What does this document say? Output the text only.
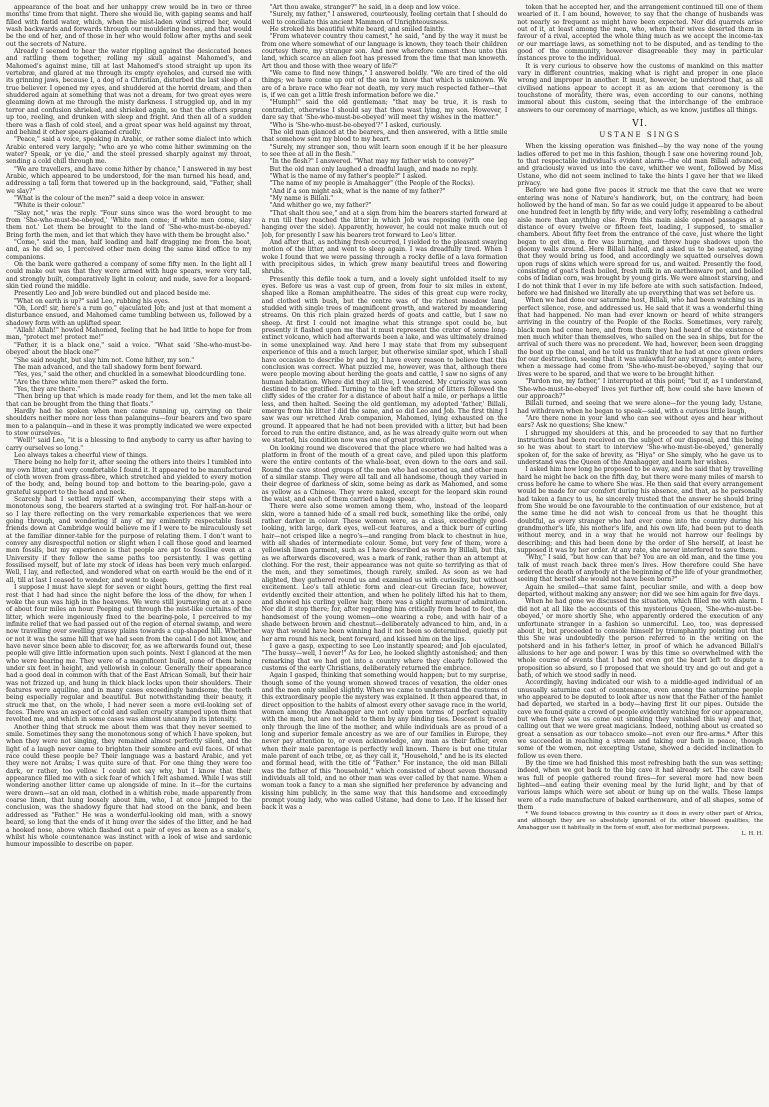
appearance of the boat and her unhappy crew would be in two or three months' time from that night. There she would lie, with gaping seams and half filled with fœtid water, which, when the mist-laden wind stirred her, would wash backwards and forwards through our mouldering bones, and that would be the end of her, and of those in her who would follow after myths and seek out the secrets of Nature.

Already I seemed to hear the water rippling against the desiccated bones and rattling them together, rolling my skull against Mahomed's, and Mahomed's against mine, till at last Mahomed's stood straight up upon its vertebræ, and glared at me through its empty eyeholes, and cursed me with its grinning jaws, because I, a dog of a Christian, disturbed the last sleep of a true believer. I opened my eyes, and shuddered at the horrid dream, and then shuddered again at something that was not a dream, for two great eyes were gleaming down at me through the misty darkness. I struggled up, and in my terror and confusion shrieked, and shrieked again, so that the others sprang up too, reeling, and drunken with sleep and fright. And then all of a sudden there was a flash of cold steel, and a great spear was held against my throat, and behind it other spears gleamed cruelly.

"Peace," said a voice, speaking in Arabic, or rather some dialect into which Arabic entered very largely; "who are ye who come hither swimming on the water? Speak, or ye die," and the steel pressed sharply against my throat, sending a cold chill through me.

"We are travellers, and have come hither by chance," I answered in my best Arabic, which appeared to be understood, for the man turned his head, and, addressing a tall form that towered up in the background, said, "Father, shall we slay?"

"What is the colour of the men?" said a deep voice in answer.

"White is their colour."

"Slay not," was the reply. "Four suns since was the word brought to me from 'She-who-must-be-obeyed,' 'White men come; if white men come, slay them not.' Let them be brought to the land of 'She-who-must-be-obeyed.' Bring forth the men, and let that which they have with them be brought also."

"Come," said the man, half leading and half dragging me from the boat, and, as he did so, I perceived other men doing the same kind office to my companions.

On the bank were gathered a company of some fifty men. In the light all I could make out was that they were armed with huge spears, were very tall, and strongly built, comparatively light in colour, and nude, save for a leopard-skin tied round the middle.

Presently Leo and Job were bundled out and placed beside me.

"What on earth is up?" said Leo, rubbing his eyes.

"Oh, Lord! sir, here's a rum go," ejaculated Job; and just at that moment a disturbance ensued, and Mahomed came tumbling between us, followed by a shadowy form with an uplifted spear.

"Allah! Allah!" howled Mahomed, feeling that he had little to hope for from man, "protect me! protect me!"

"Father, it is a black one," said a voice. "What said 'She-who-must-be-obeyed' about the black one?"

"She said nought, but slay him not. Come hither, my son."

The man advanced, and the tall shadowy form bent forward.

"Yes, yes," said the other, and chuckled in a somewhat bloodcurdling tone.

"Are the three white men there?" asked the form.

"Yes, they are there."

"Then bring up that which is made ready for them, and let the men take all that can be brought from the thing that floats."

Hardly had he spoken when men came running up, carrying on their shoulders neither more nor less than palanquins—four bearers and two spare men to a palanquin—and in these it was promptly indicated we were expected to stow ourselves.

"Well!" said Leo, "it is a blessing to find anybody to carry us after having to carry ourselves so long."

Leo always takes a cheerful view of things.

There being no help for it, after seeing the others into theirs I tumbled into my own litter, and very comfortable I found it. It appeared to be manufactured of cloth woven from grass-fibre, which stretched and yielded to every motion of the body, and, being bound top and bottom to the bearing-pole, gave a grateful support to the head and neck.

Scarcely had I settled myself when, accompanying their steps with a monotonous song, the bearers started at a swinging trot. For half-an-hour or so I lay there reflecting on the very remarkable experiences that we were going through, and wondering if any of my eminently respectable fossil friends down at Cambridge would believe me if I were to be miraculously set at the familiar dinner-table for the purpose of relating them. I don't want to convey any disrespectful notion or slight when I call those good and learned men fossils, but my experience is that people are apt to fossilise even at a University if they follow the same paths too persistently. I was getting fossilised myself, but of late my stock of ideas has been very much enlarged. Well, I lay, and reflected, and wondered what on earth would be the end of it all, till at last I ceased to wonder, and went to sleep.

I suppose I must have slept for seven or eight hours, getting the first real rest that I had had since the night before the loss of the dhow, for when I woke the sun was high in the heavens. We were still journeying on at a pace of about four miles an hour. Peeping out through the mist-like curtains of the litter, which were ingeniously fixed to the bearing-pole, I perceived to my infinite relief that we had passed out of the region of eternal swamp, and were now travelling over swelling grassy plains towards a cup-shaped hill. Whether or not it was the same hill that we had seen from the canal I do not know, and have never since been able to discover, for, as we afterwards found out, these people will give little information upon such points. Next I glanced at the men who were bearing me. They were of a magnificent build, none of them being under six feet in height, and yellowish in colour. Generally their appearance had a good deal in common with that of the East African Somali, but their hair was not frizzed up, and hung in thick black locks upon their shoulders. Their features were aquiline, and in many cases exceedingly handsome, the teeth being especially regular and beautiful. But notwithstanding their beauty, it struck me that, on the whole, I had never seen a more evil-looking set of faces. There was an aspect of cold and sullen cruelty stamped upon them that revolted me, and which in some cases was almost uncanny in its intensity.

Another thing that struck me about them was that they never seemed to smile. Sometimes they sang the monotonous song of which I have spoken, but when they were not singing, they remained almost perfectly silent, and the light of a laugh never came to brighten their sombre and evil faces. Of what race could these people be? Their language was a bastard Arabic, and yet they were not Arabs; I was quite sure of that. For one thing they were too dark, or rather, too yellow. I could not say why, but I know that their appearance filled me with a sick fear of which I felt ashamed. While I was still wondering another litter came up alongside of mine. In it—for the curtains were drawn—sat an old man, clothed in a whitish robe, made apparently from coarse linen, that hung loosely about him, who, I at once jumped to the conclusion, was the shadowy figure that had stood on the bank, and been addressed as "Father." He was a wonderful-looking old man, with a snowy beard, so long that the ends of it hung over the sides of the litter, and he had a hooked nose, above which flashed out a pair of eyes as keen as a snake's, whilst his whole countenance was instinct with a look of wise and sardonic humour impossible to describe on paper.

"Art thou awake, stranger?" he said, in a deep and low voice.

"Surely, my father," I answered, courteously, feeling certain that I should do well to conciliate this ancient Mammon of Unrighteousness.

He stroked his beautiful white beard, and smiled faintly.

"From whatever country thou camest," he said, "and by the way it must be from one where somewhat of our language is known, they teach their children courtesy there, my stranger son. And now wherefore camest thou unto this land, which scarce an alien foot has pressed from the time that man knoweth. Art thou and those with thee weary of life?"

"We came to find new things," I answered boldly. "We are tired of the old things; we have come up out of the sea to know that which is unknown. We are of a brave race who fear not death, my very much respected father—that is, if we can get a little fresh information before we die."

"Humph!" said the old gentleman; "that may be true, it is rash to contradict, otherwise I should say that thou wast lying, my son. However, I dare say that 'She-who-must-be-obeyed' will meet thy wishes in the matter."

"Who is 'She-who-must-be-obeyed'?" I asked, curiously.

The old man glanced at the bearers, and then answered, with a little smile that somehow sent my blood to my heart.

"Surely, my stranger son, thou wilt learn soon enough if it be her pleasure to see thee at all in the flesh."

"In the flesh?" I answered. "What may my father wish to convey?"

But the old man only laughed a dreadful laugh, and made no reply.

"What is the name of my father's people?" I asked.

"The name of my people is Amahagger" (the People of the Rocks).

"And if a son might ask, what is the name of my father?"

"My name is Billali."

"And whither go we, my father?"

"That shalt thou see," and at a sign from him the bearers started forward at a run till they reached the litter in which Job was reposing (with one leg hanging over the side). Apparently, however, he could not make much out of Job, for presently I saw his bearers trot forward to Leo's litter.

And after that, as nothing fresh occurred, I yielded to the pleasant swaying motion of the litter, and went to sleep again. I was dreadfully tired. When I woke I found that we were passing through a rocky defile of a lava formation with precipitous sides, in which grew many beautiful trees and flowering shrubs.

Presently this defile took a turn, and a lovely sight unfolded itself to my eyes. Before us was a vast cup of green, from four to six miles in extent, shaped like a Roman amphitheatre. The sides of this great cup were rocky, and clothed with bush, but the centre was of the richest meadow land, studded with single trees of magnificent growth, and watered by meandering streams. On this rich plain grazed herds of goats and cattle, but I saw no sheep. At first I could not imagine what this strange spot could be, but presently it flashed upon me that it must represent the crater of some long-extinct volcano, which had afterwards been a lake, and was ultimately drained in some unexplained way. And here I may state that from my subsequent experience of this and a much larger, but otherwise similar spot, which I shall have occasion to describe by and by, I have every reason to believe that this conclusion was correct. What puzzled me, however, was that, although there were people moving about herding the goats and cattle, I saw no signs of any human habitation. Where did they all live, I wondered. My curiosity was soon destined to be gratified. Turning to the left the string of litters followed the cliffy sides of the crater for a distance of about half a mile, or perhaps a little less, and then halted. Seeing the old gentleman, my adopted 'father,' Billali, emerge from his litter I did the same, and so did Leo and Job. The first thing I saw was our wretched Arab companion, Mahomed, lying exhausted on the ground. It appeared that he had not been provided with a litter, but had been forced to run the entire distance, and, as he was already quite worn out when we started, his condition now was one of great prostration.

On looking round we discovered that the place where we had halted was a platform in front of the mouth of a great cave, and piled upon this platform were the entire contents of the whale-boat, even down to the oars and sail. Round the cave stood groups of the men who had escorted us, and other men of a similar stamp. They were all tall and all handsome, though they varied in their degree of darkness of skin, some being as dark as Mahomed, and some as yellow as a Chinese. They were naked, except for the leopard skin round the waist, and each of them carried a huge spear.

There were also some women among them, who, instead of the leopard skin, wore a tanned hide of a small red buck, something like the oribé, only rather darker in colour. These women were, as a class, exceedingly good-looking, with large, dark eyes, well-cut features, and a thick burr of curling hair—not crisped like a negro's—and ranging from black to chestnut in hue, with all shades of intermediate colour. Some, but very few of them, wore a yellowish linen garment, such as I have described as worn by Billali, but this, as we afterwards discovered, was a mark of rank, rather than an attempt at clothing. For the rest, their appearance was not quite so terrifying as that of the men, and they sometimes, though rarely, smiled. As soon as we had alighted, they gathered round us and examined us with curiosity, but without excitement. Leo's tall athletic form and clear-cut Grecian face, however, evidently excited their attention, and when he politely lifted his hat to them, and showed his curling yellow hair, there was a slight murmur of admiration. Nor did it stop there; for, after regarding him critically from head to foot, the handsomest of the young women—one wearing a robe, and with hair of a shade between brown and chestnut—deliberately advanced to him, and, in a way that would have been winning had it not been so determined, quietly put her arm round his neck, bent forward, and kissed him on the lips.

I gave a gasp, expecting to see Leo instantly speared; and Job ejaculated, "The hussy—well, I never!" As for Leo, he looked slightly astonished; and then remarking that we had got into a country where they clearly followed the customs of the early Christians, deliberately returned the embrace.

Again I gasped, thinking that something would happen; but to my surprise, though some of the young women showed traces of vexation, the older ones and the men only smiled slightly. When we came to understand the customs of this extraordinary people the mystery was explained. It then appeared that, in direct opposition to the habits of almost every other savage race in the world, women among the Amahagger are not only upon terms of perfect equality with the men, but are not held to them by any binding ties. Descent is traced only through the line of the mother, and while individuals are as proud of a long and superior female ancestry as we are of our families in Europe, they never pay attention to, or even acknowledge, any man as their father, even when their male parentage is perfectly well known. There is but one titular male parent of each tribe, or, as they call it, "Household," and he is its elected and formal head, with the title of "Father." For instance, the old man Billali was the father of this "household," which consisted of about seven thousand individuals all told, and no other man was ever called by that name. When a woman took a fancy to a man she signified her preference by advancing and kissing him publicly, in the same way that this handsome and exceedingly prompt young lady, who was called Ustane, had done to Leo. If he kissed her back it was a

token that he accepted her, and the arrangement continued till one of them wearied of it. I am bound, however, to say that the change of husbands was not nearly so frequent as might have been expected. Nor did quarrels arise out of it, at least among the men, who, when their wives deserted them in favour of a rival, accepted the whole thing much as we accept the income-tax or our marriage laws, as something not to be disputed, and as tending to the good of the community, however disagreeable they may in particular instances prove to the individual.

It is very curious to observe how the customs of mankind on this matter vary in different countries, making what is right and proper in one place wrong and improper in another. It must, however, be understood that, as all civilised nations appear to accept it as an axiom that ceremony is the touchstone of morality, there was, even according to our canons, nothing immoral about this custom, seeing that the interchange of the embrace answers to our ceremony of marriage, which, as we know, justifies all things.

VI.
USTANE SINGS

When the kissing operation was finished—by the way none of the young ladies offered to pet me in this fashion, though I saw one hovering round Job, to that respectable individual's evident alarm—the old man Billali advanced, and graciously waved us into the cave, whither we went, followed by Miss Ustane, who did not seem inclined to take the hints I gave her that we liked privacy.

Before we had gone five paces it struck me that the cave that we were entering was none of Nature's handiwork, but, on the contrary, had been hollowed by the hand of man. So far as we could judge it appeared to be about one hundred feet in length by fifty wide, and very lofty, resembling a cathedral aisle more than anything else. From this main aisle opened passages at a distance of every twelve or fifteen feet, leading, I supposed, to smaller chambers. About fifty feet from the entrance of the cave, just where the light began to get dim, a fire was burning, and threw huge shadows upon the gloomy walls around. Here Billali halted, and asked us to be seated, saying that they would bring us food, and accordingly we squatted ourselves down upon rugs of skins which were spread for us, and waited. Presently the food, consisting of goat's flesh boiled, fresh milk in an earthenware pot, and boiled cobs of Indian corn, was brought by young girls. We were almost starving, and I do not think that I ever in my life before ate with such satisfaction. Indeed, before we had finished we literally ate up everything that was set before us.

When we had done our saturnine host, Billali, who had been watching us in perfect silence, rose, and addressed us. He said that it was a wonderful thing that had happened. No man had ever known or heard of white strangers arriving in the country of the People of the Rocks. Sometimes, very rarely, black men had come here, and from them they had heard of the existence of men much whiter than themselves, who sailed on the sea in ships, but for the arrival of such there was no precedent. We had, however, been seen dragging the boat up the canal, and he told us frankly that he had at once given orders for our destruction, seeing that it was unlawful for any stranger to enter here, when a message had come from 'She-who-must-be-obeyed,' saying that our lives were to be spared, and that we were to be brought hither.

"Pardon me, my father," I interrupted at this point; "but if, as I understand, 'She-who-must-be-obeyed' lives yet further off, how could she have known of our approach?"

Billali turned, and seeing that we were alone—for the young lady, Ustane, had withdrawn when he began to speak—said, with a curious little laugh,

"Are there none in your land who can see without eyes and hear without ears? Ask no questions; She knew."

I shrugged my shoulders at this, and he proceeded to say that no further instructions had been received on the subject of our disposal, and this being so he was about to start to interview 'She-who-must-be-obeyed,' generally spoken of, for the sake of brevity, as "Hiya" or She simply, who he gave us to understand was the Queen of the Amahagger, and learn her wishes.

I asked him how long he proposed to be away, and he said that by travelling hard he might be back on the fifth day, but there were many miles of marsh to cross before he came to where She was. He then said that every arrangement would be made for our comfort during his absence, and that, as he personally had taken a fancy to us, he sincerely trusted that the answer he should bring from She would be one favourable to the continuation of our existence, but at the same time he did not wish to conceal from us that he thought this doubtful, as every stranger who had ever come into the country during his grandmother's life, his mother's life, and his own life, had been put to death without mercy, and in a way that he would not harrow our feelings by describing; and this had been done by the order of She herself, at least he supposed it was by her order. At any rate, she never interfered to save them.

"Why," I said, "but how can that be? You are an old man, and the time you talk of must reach back three men's lives. How therefore could She have ordered the death of anybody at the beginning of the life of your grandmother, seeing that herself she would not have been born?"

Again he smiled—that same faint, peculiar smile, and with a deep bow departed, without making any answer; nor did we see him again for five days.

When he had gone we discussed the situation, which filled me with alarm. I did not at all like the accounts of this mysterious Queen, 'She-who-must-be-obeyed,' or more shortly She, who apparently ordered the execution of any unfortunate stranger in a fashion so unmerciful. Leo, too, was depressed about it, but proceeded to console himself by triumphantly pointing out that this She was undoubtedly the person referred to in the writing on the potsherd and in his father's letter, in proof of which he advanced Billali's allusions to her age and power. I was by this time so overwhelmed with the whole course of events that I had not even got the heart left to dispute a proposition so absurd, so I proposed that we should try and go out and get a bath, of which we stood sadly in need.

Accordingly, having indicated our wish to a middle-aged individual of an unusually saturnine cast of countenance, even among the saturnine people who appeared to be deputed to look after us now that the Father of the hamlet had departed, we started in a body—having first lit our pipes. Outside the cave we found quite a crowd of people evidently watching for our appearance, but when they saw us come out smoking they vanished this way and that, calling out that we were great magicians. Indeed, nothing about us created so great a sensation as our tobacco smoke—not even our fire-arms.* After this we succeeded in reaching a stream and taking our bath in peace, though some of the women, not excepting Ustane, showed a decided inclination to follow us even there.

By the time we had finished this most refreshing bath the sun was setting; indeed, when we got back to the big cave it had already set. The cave itself was full of people gathered round fires—for several more had now been lighted—and eating their evening meal by the lurid light, and by that of various lamps which were set about or hung up on the walls. These lamps were of a rude manufacture of baked earthenware, and of all shapes, some of them

* We found tobacco growing in this country as it does in every other part of Africa, and although they are so absolutely ignorant of its other blessed qualities, the Amahagger use it habitually in the form of snuff, also for medicinal purposes.

L. H. H.
